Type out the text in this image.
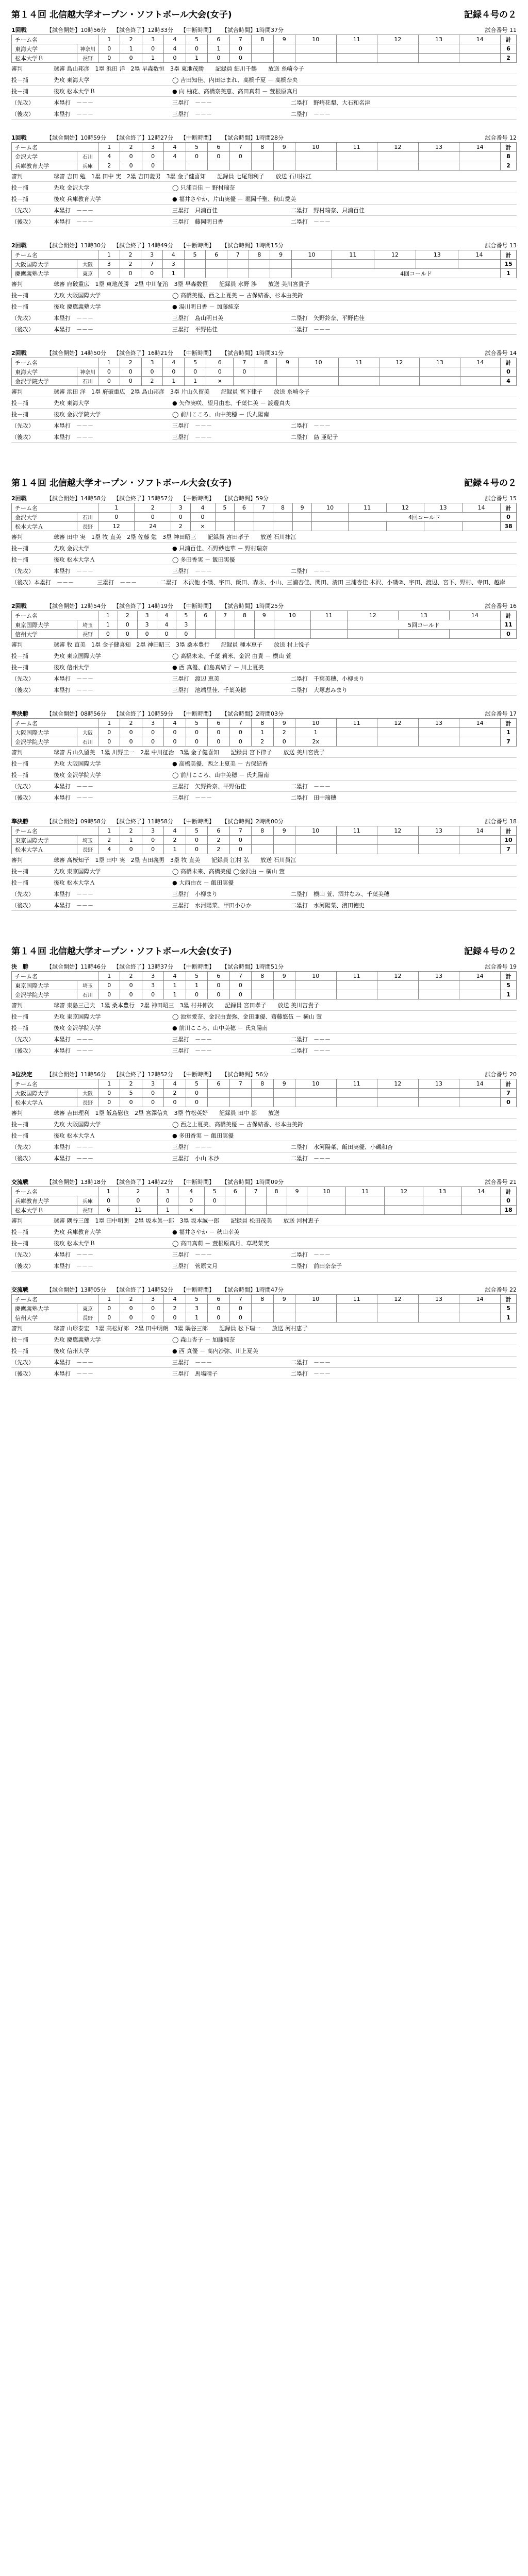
第１４回 北信越大学オープン・ソフトボール大会(女子)	記録４号の２
1回戦	【試合開始】10時56分 【試合終了】12時33分 【中断時間】 【試合時間】1時間37分	試合番号 11
チーム名		1	2	3	4	5	6	7	8	9	10	11	12	13	14	計
東海大学	神奈川	0	1	0	4	0	1	0								6
松本大学Ｂ	長野	0	0	1	0	1	0	0								2
審判	球審 島山邦彦　1塁 浜田 洋　2塁 早森数恒　3塁 東地茂勝 記録員 細川千鶴 放送 糸崎今子
投－捕	先攻 東海大学	◯ 吉田知佳、内田ほまれ、高橋千夏 － 高橋奈央
投－捕	後攻 松本大学Ｂ	● 向 柚花、高橋奈美恵、高田真莉 － 萱根原真月
（先攻）	本塁打　－－－	三塁打　－－－	二塁打　野崎花梨、大石和名津
（後攻）	本塁打　－－－	三塁打　－－－	二塁打　－－－
1回戦	【試合開始】10時59分 【試合終了】12時27分 【中断時間】 【試合時間】1時間28分	試合番号 12
チーム名		1	2	3	4	5	6	7	8	9	10	11	12	13	14	計
金沢大学	石川	4	0	0	4	0	0	0								8
兵庫教育大学	兵庫	2	0	0												2
審判	球審 吉田 勉　1塁 田中 実　2塁 吉田義男　3塁 金子健喜知 記録員 七尾翔利子 放送 石川抹江
投－捕	先攻 金沢大学	◯ 只浦百佳 － 野村瑞奈
投－捕	後攻 兵庫教育大学	● 福井さやか、片山実優 － 堀岡千聖、秋山愛美
（先攻）	本塁打　－－－	三塁打　只浦百佳	二塁打　野村瑞奈、只浦百佳
（後攻）	本塁打　－－－	三塁打　藤岡明日香	二塁打　－－－
2回戦	【試合開始】13時30分 【試合終了】14時49分 【中断時間】 【試合時間】1時間15分	試合番号 13
チーム名		1	2	3	4	5	6	7	8	9	10	11	12	13	14	計
大阪国際大学	大阪	3	2	7	3											15
慶應義塾大学	東京	0	0	0	1							4回コールド				1
審判	球審 府破重広　1塁 東地茂勝　2塁 中川征治　3塁 早森数恒 記録員 水野 渉 放送 美川宮貴子
投－捕	先攻 大阪国際大学	◯ 高橋美優、西之上夏美 － 古保結香、杉本由美鈴
投－捕	後攻 慶應義塾大学	● 湯川明日香 － 加藤純奈
（先攻）	本塁打　－－－	三塁打　島山明日美	二塁打　矢野鈴奈、平野佑佳
（後攻）	本塁打　－－－	三塁打　平野佑佳	二塁打　－－－
2回戦	【試合開始】14時50分 【試合終了】16時21分 【中断時間】 【試合時間】1時間31分	試合番号 14
チーム名		1	2	3	4	5	6	7	8	9	10	11	12	13	14	計
東海大学	神奈川	0	0	0	0	0	0	0								0
金沢学院大学	石川	0	0	2	1	1	×									4
審判	球審 浜田 洋　1塁 府破重広　2塁 島山邦彦　3塁 片山久留美 記録員 宮下律子 放送 糸崎今子
投－捕	先攻 東海大学	● 矢作実咲、望月由恋、千葉仁美 － 渡邊真央
投－捕	後攻 金沢学院大学	◯ 前川こころ、山中美穂 － 氏丸陽南
（先攻）	本塁打　－－－	三塁打　－－－	二塁打　－－－
（後攻）	本塁打　－－－	三塁打　－－－	二塁打　島 亜紀子
第１４回 北信越大学オープン・ソフトボール大会(女子)	記録４号の２
2回戦	【試合開始】14時58分 【試合終了】15時57分 【中断時間】 【試合時間】59分	試合番号 15
チーム名		1	2	3	4	5	6	7	8	9	10	11	12	13	14	計
金沢大学	石川	0	0	0	0							4回コールド				0
松本大学Ａ	長野	12	24	2	×											38
審判	球審 田中 実　1塁 牧 直美　2塁 佐藤 勉　3塁 神田昭三 記録員 宮田孝子 放送 石川抹江
投－捕	先攻 金沢大学	● 只浦百佳、石野紗也華 － 野村瑞奈
投－捕	後攻 松本大学Ａ	◯ 多田香実 － 飯田実優
（先攻）	本塁打　－－－	三塁打　－－－	二塁打　－－－
（後攻） 本塁打　－－－	三塁打　－－－	二塁打　木沢他 小磯、宇田、飯田、森永、小山、三浦杏佳、関田、清田 三浦杏佳 木沢、小磯②、宇田、渡辺、宮下、野村、寺田、越岸
2回戦	【試合開始】12時54分 【試合終了】14時19分 【中断時間】 【試合時間】1時間25分	試合番号 16
チーム名		1	2	3	4	5	6	7	8	9	10	11	12	13	14	計
東京国際大学	埼玉	1	0	3	4	3							5回コールド			11
信州大学	長野	0	0	0	0	0										0
審判	球審 牧 直美　1塁 金子健喜知　2塁 神田昭三　3塁 桑本豊行 記録員 種本恵子 放送 村上悦子
投－捕	先攻 東京国際大学	◯ 高橋未来、千葉 莉米、金沢 由貴 － 横山 萱
投－捕	後攻 信州大学	● 西 真優、前島真結子 － 川上夏美
（先攻）	本塁打　－－－	三塁打　渡辺 恵美	二塁打　千葉美穂、小柳まり
（後攻）	本塁打　－－－	三塁打　池端里佳、千葉美穂	二塁打　大塚恵みまり
準決勝	【試合開始】08時56分 【試合終了】10時59分 【中断時間】 【試合時間】2時間03分	試合番号 17
チーム名		1	2	3	4	5	6	7	8	9	10	11	12	13	14	計
大阪国際大学	大阪	0	0	0	0	0	0	0	1	2	1					1
金沢学院大学	石川	0	0	0	0	0	0	0	2	0	2x					7
審判	球審 片山久留美　1塁 川野圭一　2塁 中川征治　3塁 金子健喜知 記録員 宮下律子 放送 美川宮貴子
投－捕	先攻 大阪国際大学	● 高橋美優、西之上夏美 － 古保結香
投－捕	後攻 金沢学院大学	◯ 前川こころ、山中美穂 － 氏丸陽南
（先攻）	本塁打　－－－	三塁打　矢野鈴奈、平野佑佳	二塁打　－－－
（後攻）	本塁打　－－－	三塁打　－－－	二塁打　田中瑞穂
準決勝	【試合開始】09時58分 【試合終了】11時58分 【中断時間】 【試合時間】2時間00分	試合番号 18
チーム名		1	2	3	4	5	6	7	8	9	10	11	12	13	14	計
東京国際大学	埼玉	2	1	0	2	0	2	0								10
松本大学Ａ	長野	4	0	0	1	0	2	0								7
審判	球審 髙桜知子　1塁 田中 実　2塁 吉田義男　3塁 牧 直美 記録員 江村 弘 放送 石川員江
投－捕	先攻 東京国際大学	◯ 高橋未来、高橋美優 ◯金沢由 － 横山 萱
投－捕	後攻 松本大学Ａ	● 大西由衣 － 飯田実優
（先攻）	本塁打　－－－	三塁打　小柳まり	二塁打　横山 萱、酒井なみ、千葉美穂
（後攻）	本塁打　－－－	三塁打　水河陽菜、甲田小ひか	二塁打　水河陽菜、濱田徳史
第１４回 北信越大学オープン・ソフトボール大会(女子)	記録４号の２
決　勝	【試合開始】11時46分 【試合終了】13時37分 【中断時間】 【試合時間】1時間51分	試合番号 19
チーム名		1	2	3	4	5	6	7	8	9	10	11	12	13	14	計
東京国際大学	埼玉	0	0	3	1	1	0	0								5
金沢学院大学	石川	0	0	0	1	0	0	0								1
審判	球審 東島三己夫　1塁 桑本豊行　2塁 神田昭三　3塁 村井伸次 記録員 宮田孝子 放送 美川宮貴子
投－捕	先攻 東京国際大学	◯ 池堂愛奈、金沢由貴弥、金田亜優、齋藤悠伍 － 横山 萱
投－捕	後攻 金沢学院大学	● 前川こころ、山中美穂 － 氏丸陽南
（先攻）	本塁打　－－－	三塁打　－－－	二塁打　－－－
（後攻）	本塁打　－－－	三塁打　－－－	二塁打　－－－
3位決定	【試合開始】11時56分 【試合終了】12時52分 【中断時間】 【試合時間】56分	試合番号 20
チーム名		1	2	3	4	5	6	7	8	9	10	11	12	13	14	計
大阪国際大学	大阪	0	5	0	2	0										7
松本大学Ａ	長野	0	0	0	0	0										0
審判	球審 吉田理利　1塁 飯島慰也　2塁 宮澤信丸　3塁 竹松英好 記録員 田中 都 放送
投－捕	先攻 大阪国際大学	◯ 西之上夏美、高橋美優 － 古保結香、杉本由美鈴
投－捕	後攻 松本大学Ａ	● 多田香実 － 飯田実優
（先攻）	本塁打　－－－	三塁打　－－－	二塁打　水河陽菜、飯田実優、小磯和杏
（後攻）	本塁打　－－－	三塁打　小山 木沙	二塁打　－－－
交流戦	【試合開始】13時18分 【試合終了】14時22分 【中断時間】 【試合時間】1時間09分	試合番号 21
チーム名		1	2	3	4	5	6	7	8	9	10	11	12	13	14	計
兵庫教育大学	兵庫	0	0	0	0	0										0
松本大学Ｂ	長野	6	11	1	×											18
審判	球審 隅谷三郎　1塁 田中明朗　2塁 坂本眞一郎　3塁 坂本誠一郎 記録員 松田茂美 放送 河村恵子
投－捕	先攻 兵庫教育大学	● 福井さやか － 秋山幸美
投－捕	後攻 松本大学Ｂ	◯ 高田真莉 － 萱根原真月、草場菜実
（先攻）	本塁打　－－－	三塁打　－－－	二塁打　－－－
（後攻）	本塁打　－－－	三塁打　菅原文月	二塁打　前田奈奈子
交流戦	【試合開始】13時05分 【試合終了】14時52分 【中断時間】 【試合時間】1時間47分	試合番号 22
チーム名		1	2	3	4	5	6	7	8	9	10	11	12	13	14	計
慶應義塾大学	東京	0	0	0	2	3	0	0								5
信州大学	長野	0	0	0	0	1	0	0								1
審判	球審 山形泰宏　1塁 高松好郎　2塁 田中明朗　3塁 隅谷三郎 記録員 松下瑞一 放送 河村恵子
投－捕	先攻 慶應義塾大学	◯ 森山杏子 － 加藤純奈
投－捕	後攻 信州大学	● 西 真優 － 高内沙弥、川上夏美
（先攻）	本塁打　－－－	三塁打　－－－	二塁打　－－－
（後攻）	本塁打　－－－	三塁打　馬場晴子	二塁打　－－－
